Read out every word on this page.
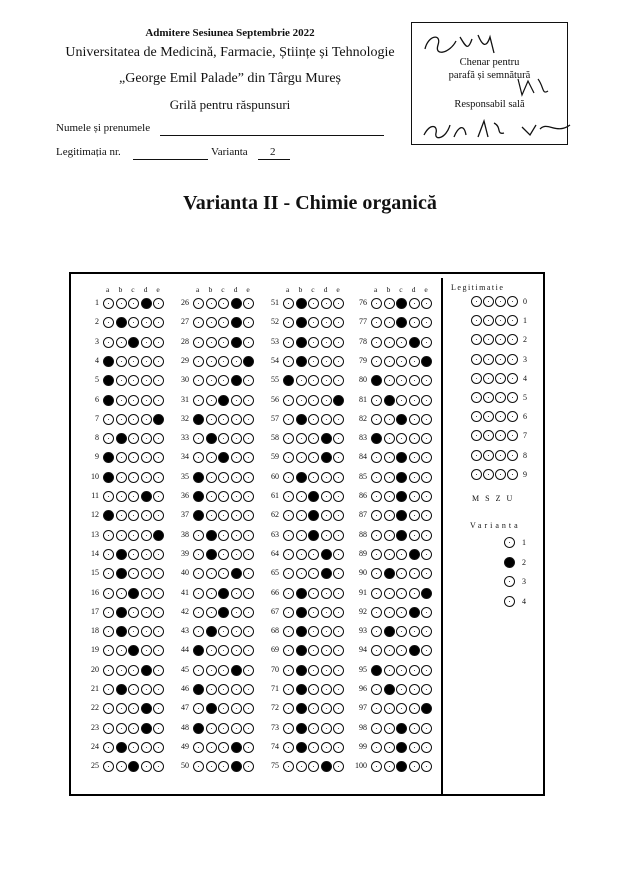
Admitere Sesiunea Septembrie 2022
Universitatea de Medicină, Farmacie, Științe și Tehnologie
„George Emil Palade” din Târgu Mureș
Grilă pentru răspunsuri
Numele și prenumele
Legitimația nr.	Varianta 2
Chenar pentru
parafă și semnătură
Responsabil sală
Varianta II - Chimie organică
a b c d e
1
2
3
4
5
6
7
8
9
10
11
12
13
14
15
16
17
18
19
20
21
22
23
24
25
a b c d e
26
27
28
29
30
31
32
33
34
35
36
37
38
39
40
41
42
43
44
45
46
47
48
49
50
a b c d e
51
52
53
54
55
56
57
58
59
60
61
62
63
64
65
66
67
68
69
70
71
72
73
74
75
a b c d e
76
77
78
79
80
81
82
83
84
85
86
87
88
89
90
91
92
93
94
95
96
97
98
99
100
Legitimatie
0
1
2
3
4
5
6
7
8
9
M S Z U
Varianta
1
2
3
4
